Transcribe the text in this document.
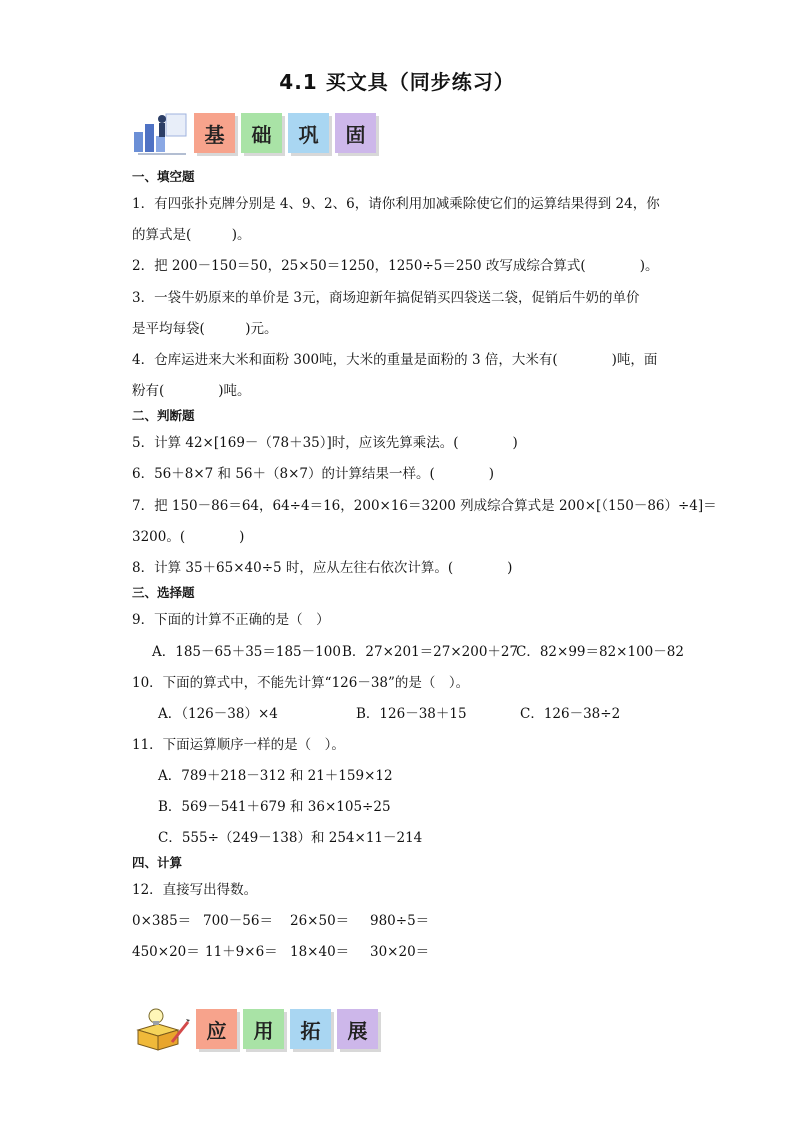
4.1 买文具（同步练习）
基	础	巩	固
一、填空题
1．有四张扑克牌分别是 4、9、2、6，请你利用加减乘除使它们的运算结果得到 24，你
的算式是(　　　)。
2．把 200－150＝50，25×50＝1250，1250÷5＝250 改写成综合算式(　　　　)。
3．一袋牛奶原来的单价是 3元，商场迎新年搞促销买四袋送二袋，促销后牛奶的单价
是平均每袋(　　　)元。
4．仓库运进来大米和面粉 300吨，大米的重量是面粉的 3 倍，大米有(　　　　)吨，面
粉有(　　　　)吨。
二、判断题
5．计算 42×[169－（78＋35）]时，应该先算乘法。(　　　　)
6．56＋8×7 和 56＋（8×7）的计算结果一样。(　　　　)
7．把 150－86＝64，64÷4＝16，200×16＝3200 列成综合算式是 200×[（150－86）÷4]＝
3200。(　　　　)
8．计算 35＋65×40÷5 时，应从左往右依次计算。(　　　　)
三、选择题
9．下面的计算不正确的是（　）
A．185－65＋35＝185－100 B．27×201＝27×200＋27
C．82×99＝82×100－82
10．下面的算式中，不能先计算“126－38”的是（　）。
A．（126－38）×4	B．126－38＋15	C．126－38÷2
11．下面运算顺序一样的是（　）。
A．789＋218－312 和 21＋159×12
B．569－541＋679 和 36×105÷25
C．555÷（249－138）和 254×11－214
四、计算
12．直接写出得数。
0×385＝ 700－56＝ 26×50＝ 980÷5＝
450×20＝ 11＋9×6＝ 18×40＝ 30×20＝
应	用	拓	展
